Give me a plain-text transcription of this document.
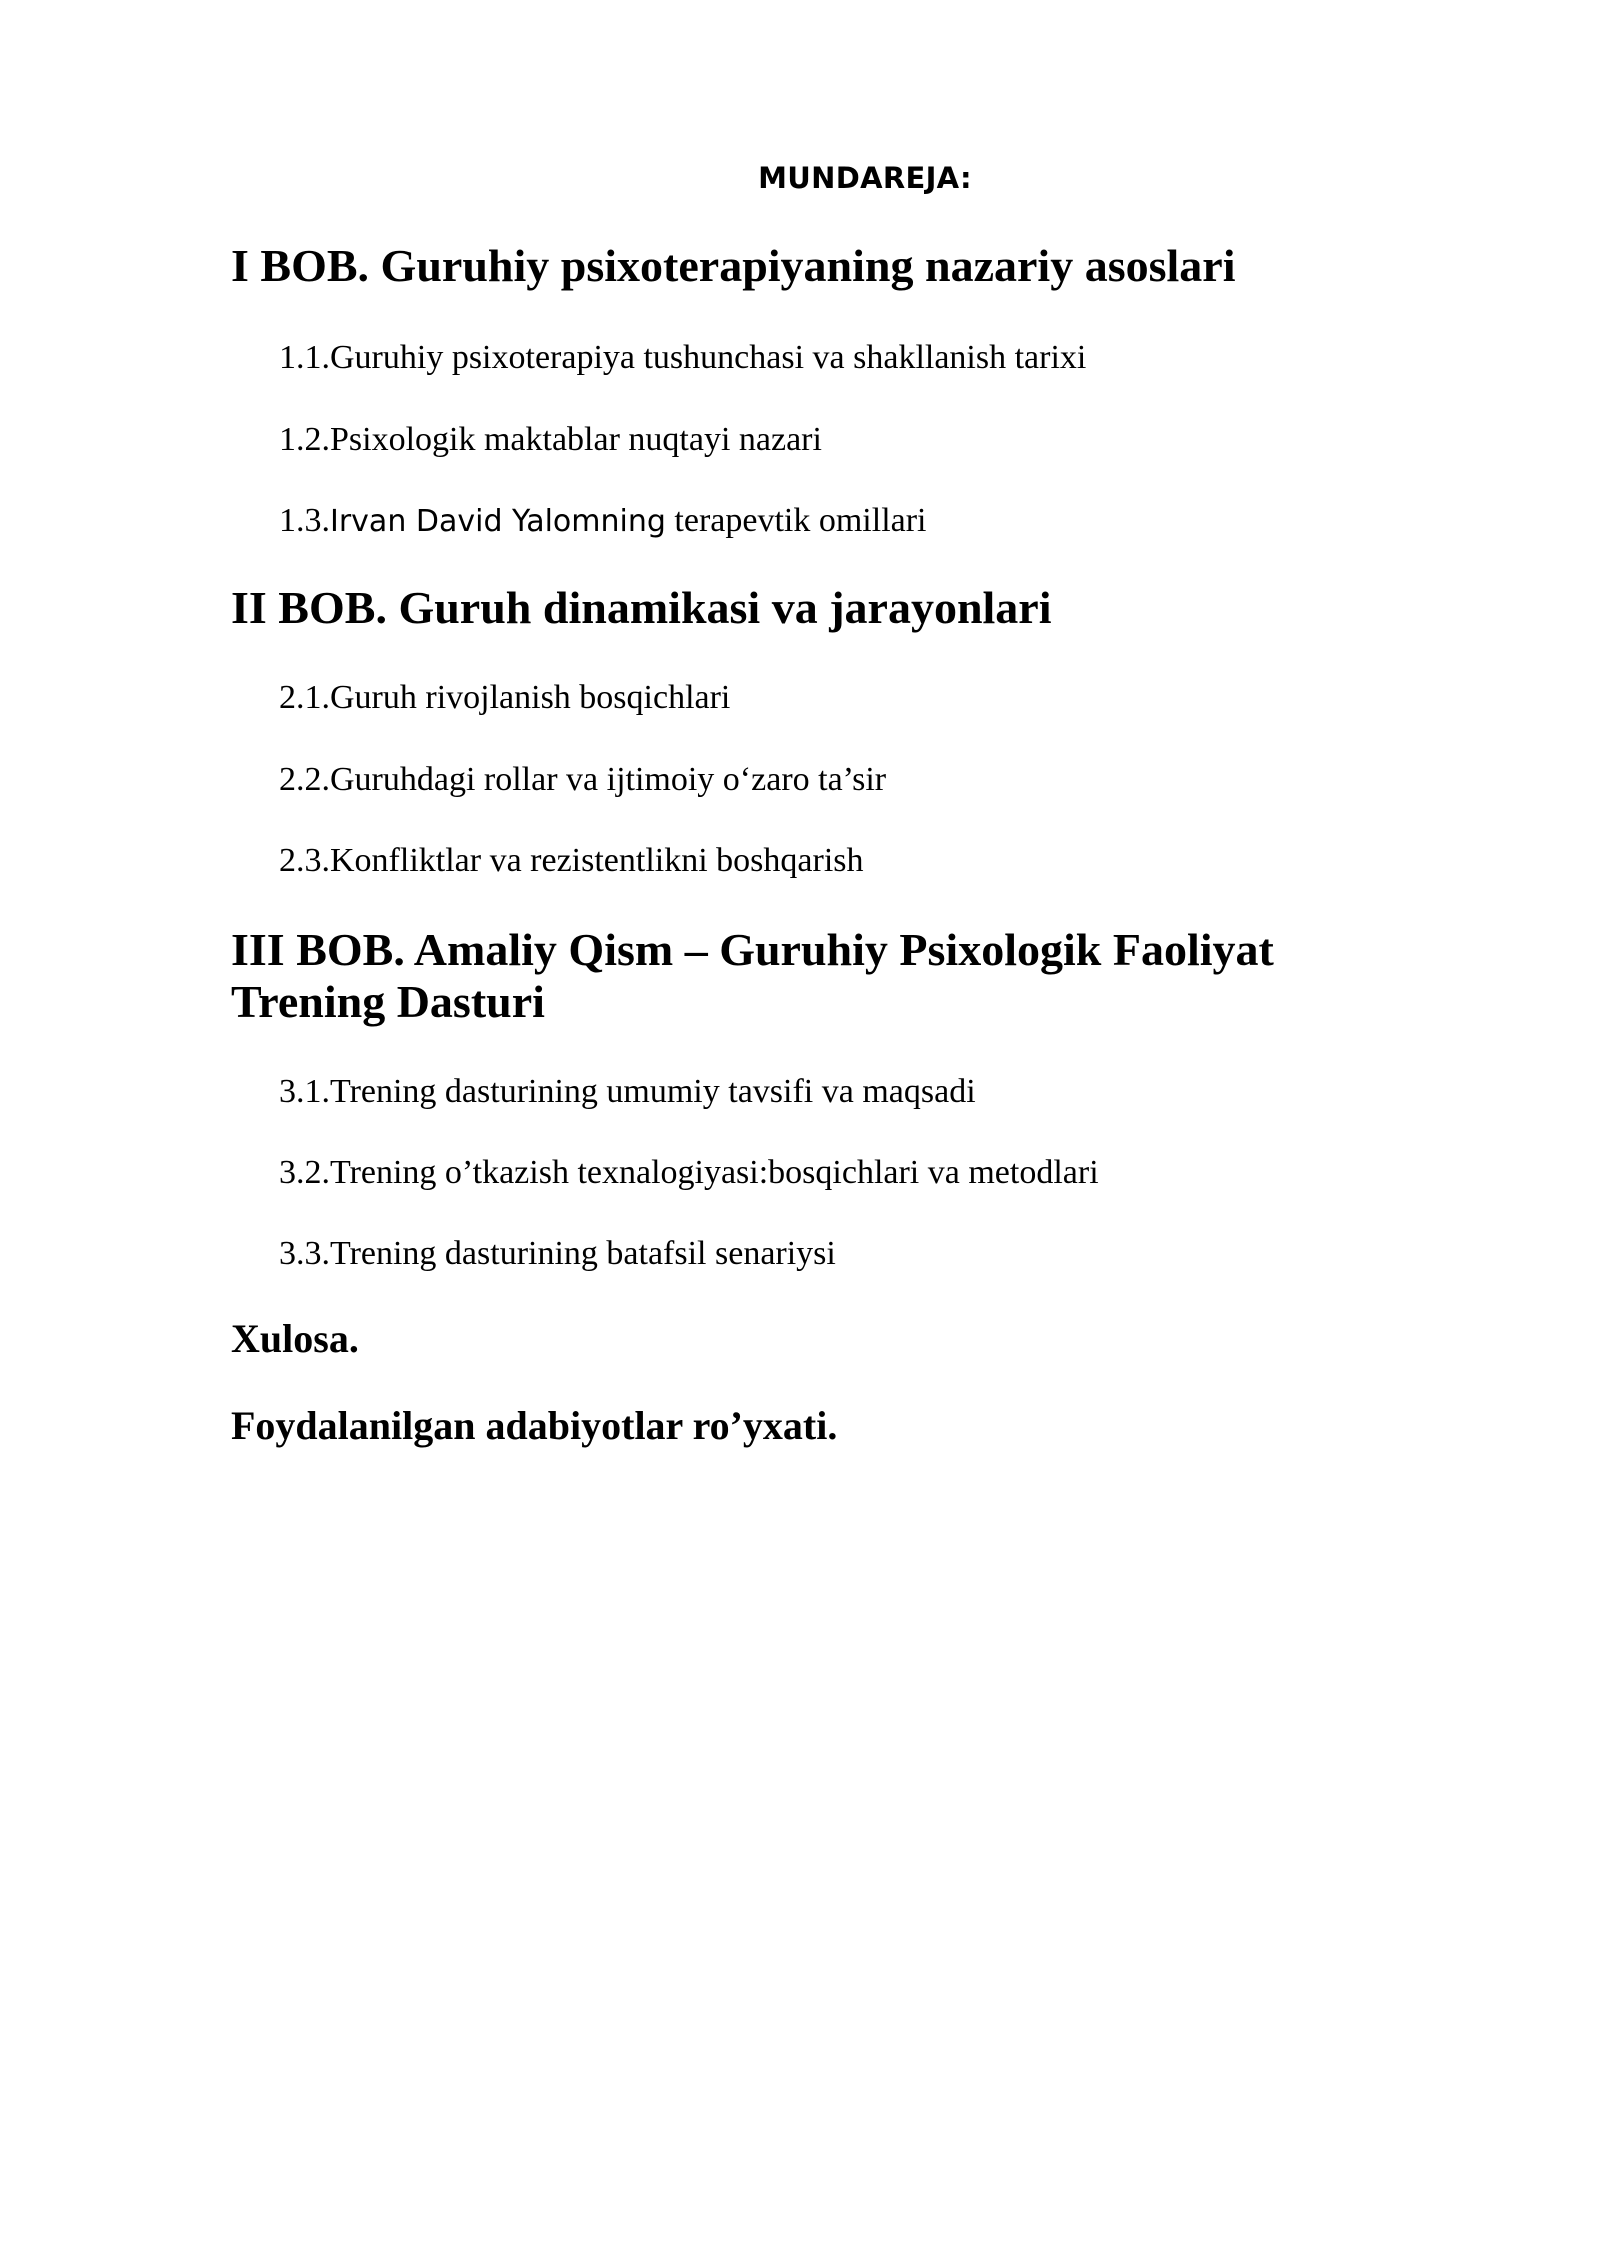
MUNDAREJA:
I BOB. Guruhiy psixoterapiyaning nazariy asoslari
1.1.Guruhiy psixoterapiya tushunchasi va shakllanish tarixi
1.2.Psixologik maktablar nuqtayi nazari
1.3.Irvan David Yalomning terapevtik omillari
II BOB. Guruh dinamikasi va jarayonlari
2.1.Guruh rivojlanish bosqichlari
2.2.Guruhdagi rollar va ijtimoiy o‘zaro ta’sir
2.3.Konfliktlar va rezistentlikni boshqarish
III BOB. Amaliy Qism – Guruhiy Psixologik Faoliyat
Trening Dasturi
3.1.Trening dasturining umumiy tavsifi va maqsadi
3.2.Trening o’tkazish texnalogiyasi:bosqichlari va metodlari
3.3.Trening dasturining batafsil senariysi
Xulosa.
Foydalanilgan adabiyotlar ro’yxati.
